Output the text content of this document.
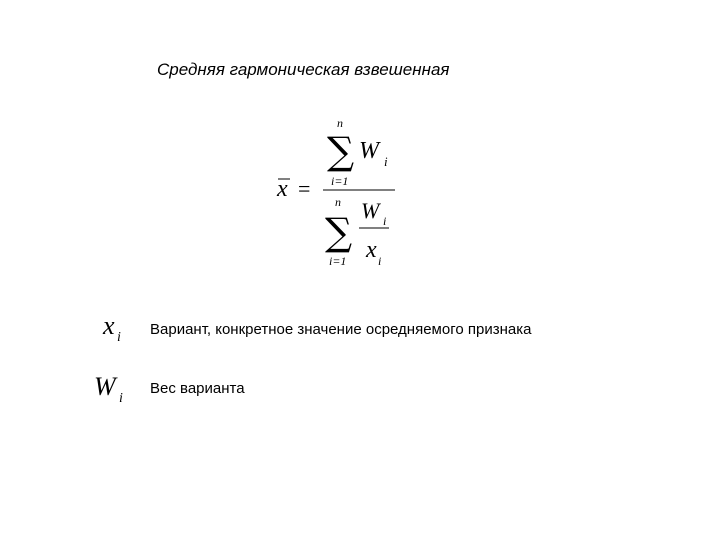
Средняя гармоническая взвешенная
x =
n
∑ W i
i=1
n
∑ W i
x i
i=1
x i Вариант, конкретное значение осредняемого признака
W i
Вес варианта
